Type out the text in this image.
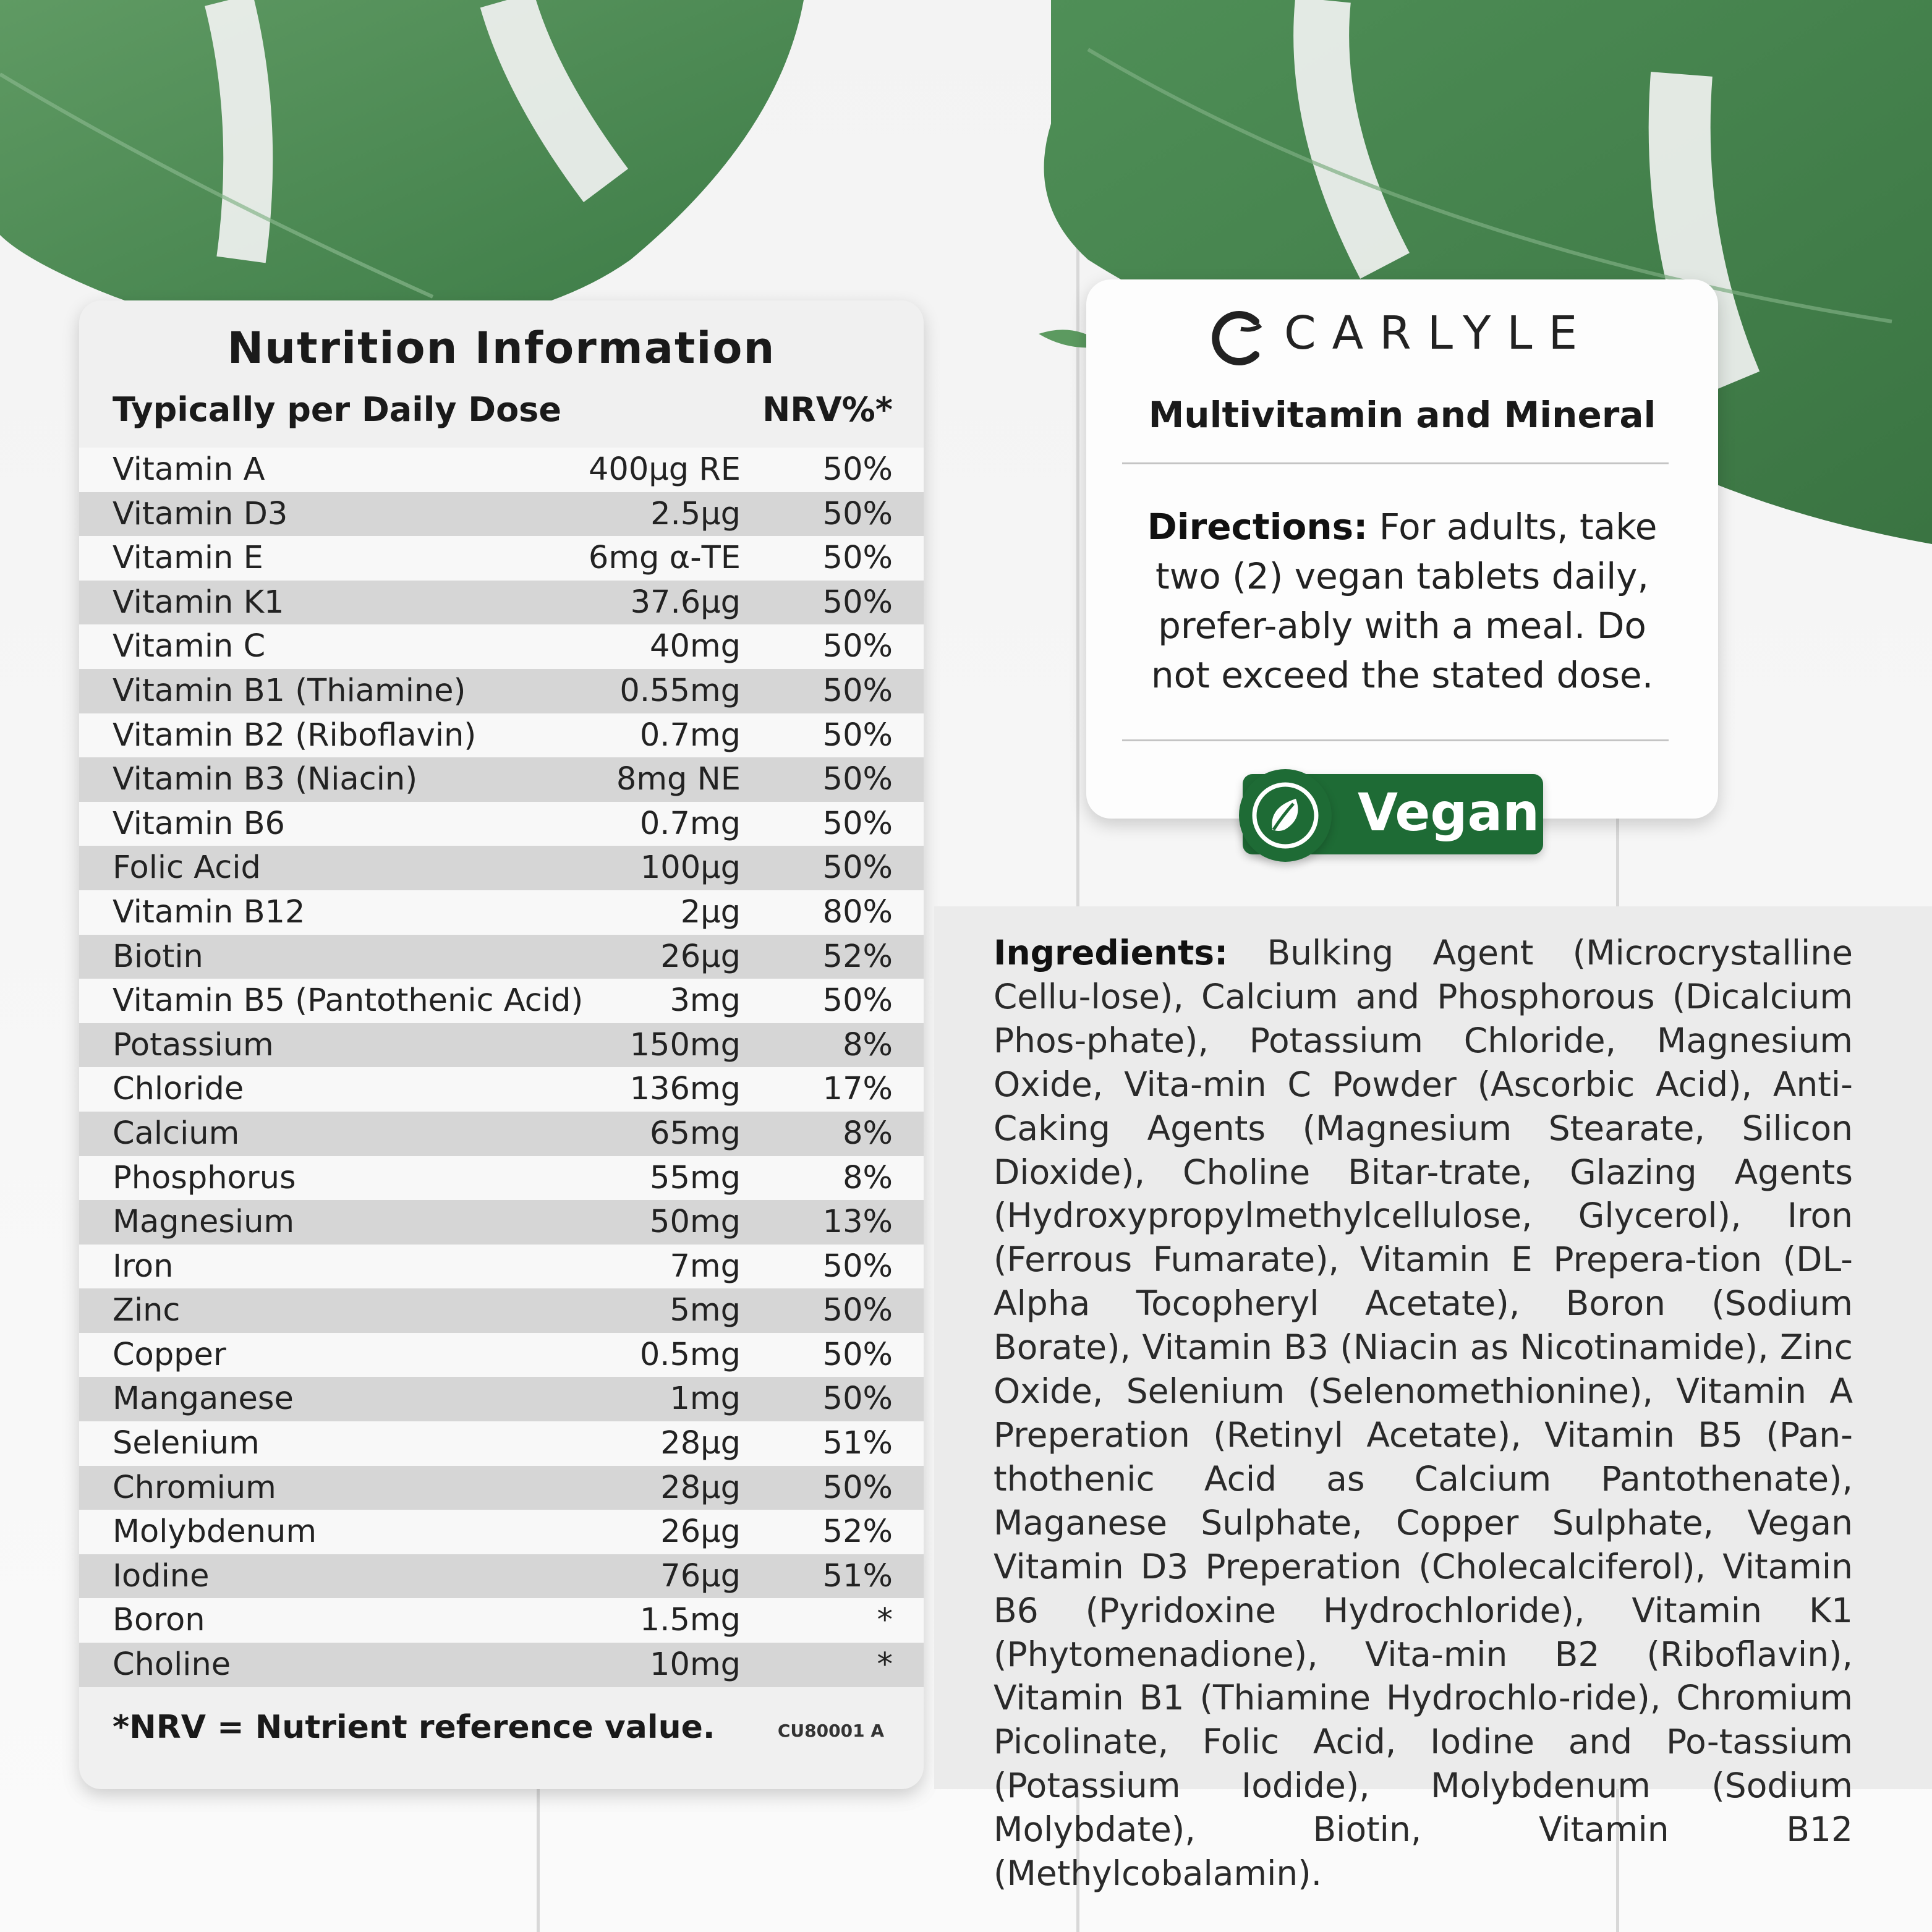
Nutrition Information
Typically per Daily Dose	NRV%*
Vitamin A	400µg RE	50%
Vitamin D3	2.5µg	50%
Vitamin E	6mg α-TE	50%
Vitamin K1	37.6µg	50%
Vitamin C	40mg	50%
Vitamin B1 (Thiamine)	0.55mg	50%
Vitamin B2 (Riboflavin)	0.7mg	50%
Vitamin B3 (Niacin)	8mg NE	50%
Vitamin B6	0.7mg	50%
Folic Acid	100µg	50%
Vitamin B12	2µg	80%
Biotin	26µg	52%
Vitamin B5 (Pantothenic Acid)	3mg	50%
Potassium	150mg	8%
Chloride	136mg	17%
Calcium	65mg	8%
Phosphorus	55mg	8%
Magnesium	50mg	13%
Iron	7mg	50%
Zinc	5mg	50%
Copper	0.5mg	50%
Manganese	1mg	50%
Selenium	28µg	51%
Chromium	28µg	50%
Molybdenum	26µg	52%
Iodine	76µg	51%
Boron	1.5mg	*
Choline	10mg	*
*NRV = Nutrient reference value.	CU80001 A
CARLYLE
Multivitamin and Mineral
Directions: For adults, take two (2) vegan tablets daily, prefer-ably with a meal. Do not exceed the stated dose.
Vegan
Ingredients: Bulking Agent (Microcrystalline Cellu-lose), Calcium and Phosphorous (Dicalcium Phos-phate), Potassium Chloride, Magnesium Oxide, Vita-min C Powder (Ascorbic Acid), Anti-Caking Agents (Magnesium Stearate, Silicon Dioxide), Choline Bitar-trate, Glazing Agents (Hydroxypropylmethylcellulose, Glycerol), Iron (Ferrous Fumarate), Vitamin E Prepera-tion (DL-Alpha Tocopheryl Acetate), Boron (Sodium Borate), Vitamin B3 (Niacin as Nicotinamide), Zinc Oxide, Selenium (Selenomethionine), Vitamin A Preperation (Retinyl Acetate), Vitamin B5 (Pan-thothenic Acid as Calcium Pantothenate), Maganese Sulphate, Copper Sulphate, Vegan Vitamin D3 Preperation (Cholecalciferol), Vitamin B6 (Pyridoxine Hydrochloride), Vitamin K1 (Phytomenadione), Vita-min B2 (Riboflavin), Vitamin B1 (Thiamine Hydrochlo-ride), Chromium Picolinate, Folic Acid, Iodine and Po-tassium (Potassium Iodide), Molybdenum (Sodium Molybdate), Biotin, Vitamin B12 (Methylcobalamin).
